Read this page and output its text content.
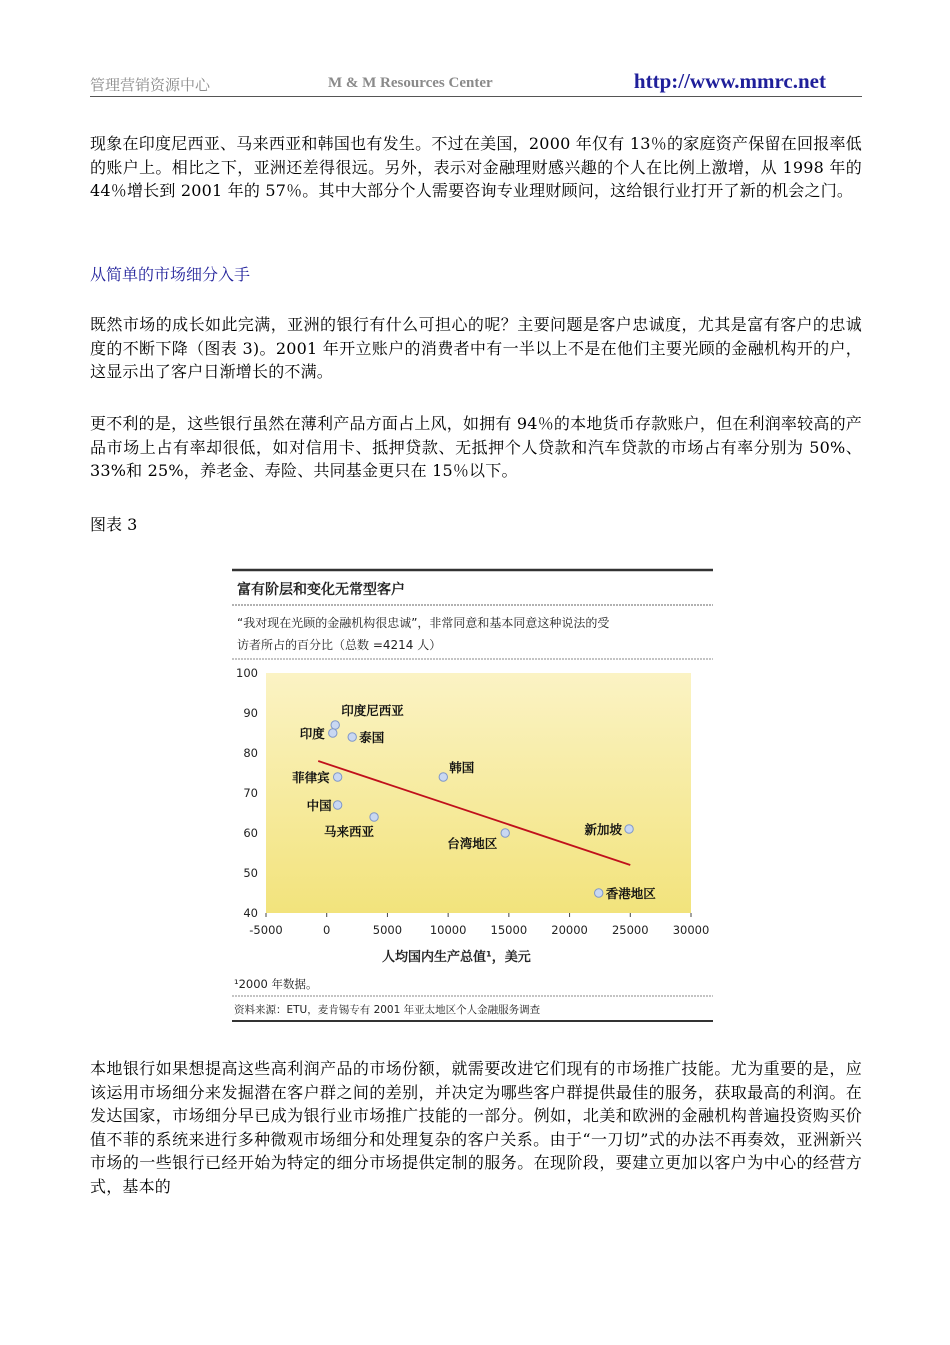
管理营销资源中心	M & M Resources Center	http://www.mmrc.net

现象在印度尼西亚、马来西亚和韩国也有发生。不过在美国，2000 年仅有 13％的家庭资产保留在回报率低的账户上。相比之下，亚洲还差得很远。另外，表示对金融理财感兴趣的个人在比例上激增，从 1998 年的 44％增长到 2001 年的 57％。其中大部分个人需要咨询专业理财顾问，这给银行业打开了新的机会之门。

从简单的市场细分入手

既然市场的成长如此完满，亚洲的银行有什么可担心的呢？主要问题是客户忠诚度，尤其是富有客户的忠诚度的不断下降（图表 3)。2001 年开立账户的消费者中有一半以上不是在他们主要光顾的金融机构开的户，这显示出了客户日渐增长的不满。

更不利的是，这些银行虽然在薄利产品方面占上风，如拥有 94％的本地货币存款账户，但在利润率较高的产品市场上占有率却很低，如对信用卡、抵押贷款、无抵押个人贷款和汽车贷款的市场占有率分别为 50%、33%和 25%，养老金、寿险、共同基金更只在 15％以下。

图表 3
富有阶层和变化无常型客户
“我对现在光顾的金融机构很忠诚”，非常同意和基本同意这种说法的受
访者所占的百分比（总数 =4214 人）
40
50
60
70
80
90
100
-5000	0	5000 10000 15000 20000 25000 30000
印度尼西亚
印度	泰国
菲律宾
中国
马来西亚
韩国
台湾地区
新加坡
香港地区
人均国内生产总值¹，美元
¹2000 年数据。
资料来源：ETU，麦肯锡专有 2001 年亚太地区个人金融服务调查

本地银行如果想提高这些高利润产品的市场份额，就需要改进它们现有的市场推广技能。尤为重要的是，应该运用市场细分来发掘潜在客户群之间的差别，并决定为哪些客户群提供最佳的服务，获取最高的利润。在发达国家，市场细分早已成为银行业市场推广技能的一部分。例如，北美和欧洲的金融机构普遍投资购买价值不菲的系统来进行多种微观市场细分和处理复杂的客户关系。由于“一刀切”式的办法不再奏效，亚洲新兴市场的一些银行已经开始为特定的细分市场提供定制的服务。在现阶段，要建立更加以客户为中心的经营方式，基本的
